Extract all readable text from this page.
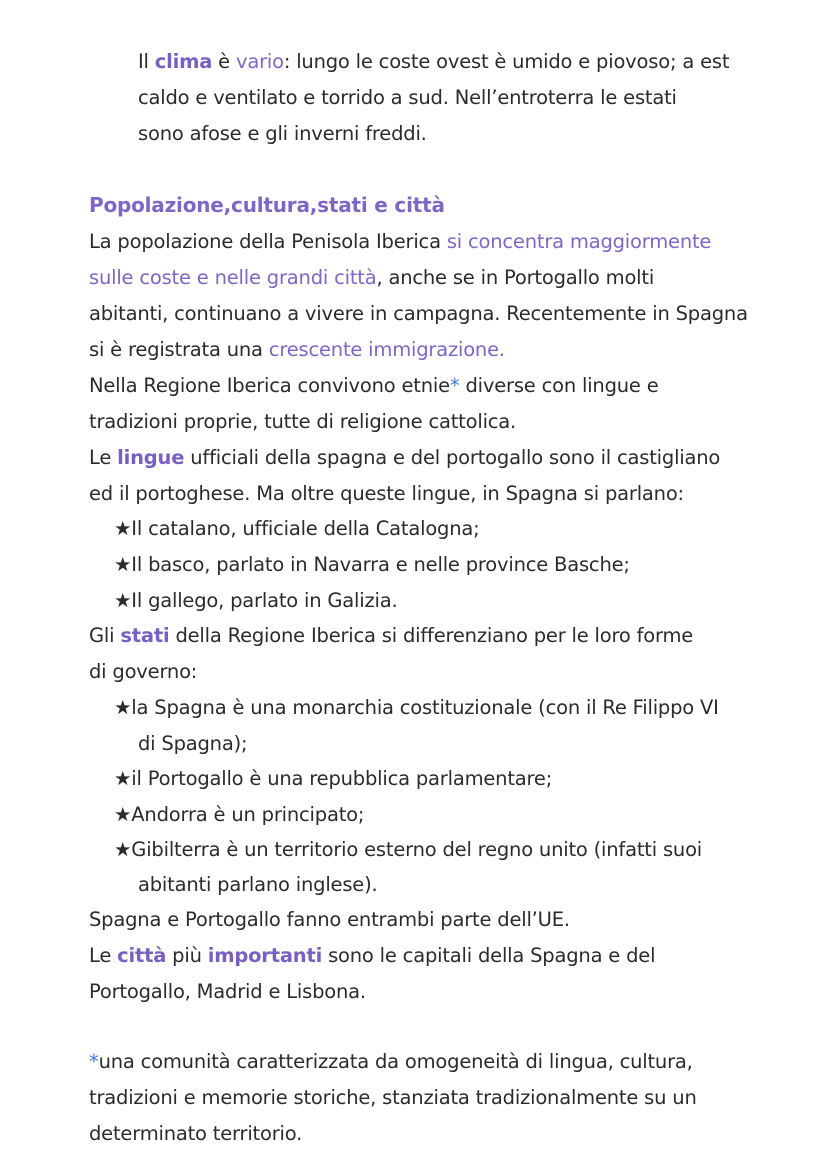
Il clima è vario: lungo le coste ovest è umido e piovoso; a est
caldo e ventilato e torrido a sud. Nell’entroterra le estati
sono afose e gli inverni freddi.
Popolazione,cultura,stati e città
La popolazione della Penisola Iberica si concentra maggiormente
sulle coste e nelle grandi città, anche se in Portogallo molti
abitanti, continuano a vivere in campagna. Recentemente in Spagna
si è registrata una crescente immigrazione.
Nella Regione Iberica convivono etnie* diverse con lingue e
tradizioni proprie, tutte di religione cattolica.
Le lingue ufficiali della spagna e del portogallo sono il castigliano
ed il portoghese. Ma oltre queste lingue, in Spagna si parlano:
★Il catalano, ufficiale della Catalogna;
★Il basco, parlato in Navarra e nelle province Basche;
★Il gallego, parlato in Galizia.
Gli stati della Regione Iberica si differenziano per le loro forme
di governo:
★la Spagna è una monarchia costituzionale (con il Re Filippo VI
di Spagna);
★il Portogallo è una repubblica parlamentare;
★Andorra è un principato;
★Gibilterra è un territorio esterno del regno unito (infatti suoi
abitanti parlano inglese).
Spagna e Portogallo fanno entrambi parte dell’UE.
Le città più importanti sono le capitali della Spagna e del
Portogallo, Madrid e Lisbona.
*una comunità caratterizzata da omogeneità di lingua, cultura,
tradizioni e memorie storiche, stanziata tradizionalmente su un
determinato territorio.
